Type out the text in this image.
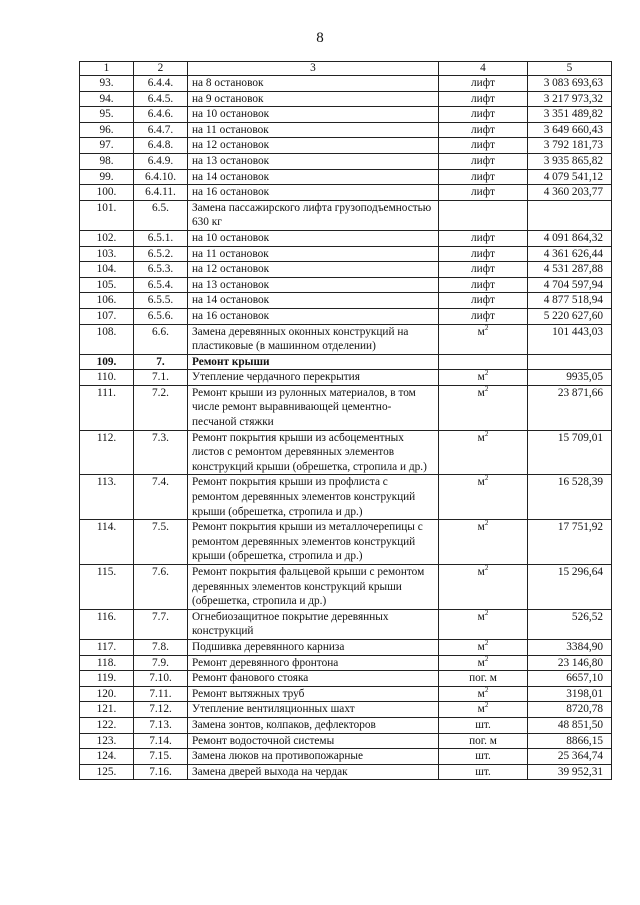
8
1	2	3	4	5
93.	6.4.4.	на 8 остановок	лифт	3 083 693,63
94.	6.4.5.	на 9 остановок	лифт	3 217 973,32
95.	6.4.6.	на 10 остановок	лифт	3 351 489,82
96.	6.4.7.	на 11 остановок	лифт	3 649 660,43
97.	6.4.8.	на 12 остановок	лифт	3 792 181,73
98.	6.4.9.	на 13 остановок	лифт	3 935 865,82
99.	6.4.10.	на 14 остановок	лифт	4 079 541,12
100.	6.4.11.	на 16 остановок	лифт	4 360 203,77
101.	6.5.	Замена пассажирского лифта грузоподъемностью 630 кг		
102.	6.5.1.	на 10 остановок	лифт	4 091 864,32
103.	6.5.2.	на 11 остановок	лифт	4 361 626,44
104.	6.5.3.	на 12 остановок	лифт	4 531 287,88
105.	6.5.4.	на 13 остановок	лифт	4 704 597,94
106.	6.5.5.	на 14 остановок	лифт	4 877 518,94
107.	6.5.6.	на 16 остановок	лифт	5 220 627,60
108.	6.6.	Замена деревянных оконных конструкций на пластиковые (в машинном отделении)	$м^2$	101 443,03
109.	7.	Ремонт крыши		
110.	7.1.	Утепление чердачного перекрытия	$м^2$	9935,05
111.	7.2.	Ремонт крыши из рулонных материалов, в том числе ремонт выравнивающей цементно-песчаной стяжки	$м^2$	23 871,66
112.	7.3.	Ремонт покрытия крыши из асбоцементных листов с ремонтом деревянных элементов конструкций крыши (обрешетка, стропила и др.)	$м^2$	15 709,01
113.	7.4.	Ремонт покрытия крыши из профлиста с ремонтом деревянных элементов конструкций крыши (обрешетка, стропила и др.)	$м^2$	16 528,39
114.	7.5.	Ремонт покрытия крыши из металлочерепицы с ремонтом деревянных элементов конструкций крыши (обрешетка, стропила и др.)	$м^2$	17 751,92
115.	7.6.	Ремонт покрытия фальцевой крыши с ремонтом деревянных элементов конструкций крыши (обрешетка, стропила и др.)	$м^2$	15 296,64
116.	7.7.	Огнебиозащитное покрытие деревянных конструкций	$м^2$	526,52
117.	7.8.	Подшивка деревянного карниза	$м^2$	3384,90
118.	7.9.	Ремонт деревянного фронтона	$м^2$	23 146,80
119.	7.10.	Ремонт фанового стояка	пог. м	6657,10
120.	7.11.	Ремонт вытяжных труб	$м^2$	3198,01
121.	7.12.	Утепление вентиляционных шахт	$м^2$	8720,78
122.	7.13.	Замена зонтов, колпаков, дефлекторов	шт.	48 851,50
123.	7.14.	Ремонт водосточной системы	пог. м	8866,15
124.	7.15.	Замена люков на противопожарные	шт.	25 364,74
125.	7.16.	Замена дверей выхода на чердак	шт.	39 952,31
